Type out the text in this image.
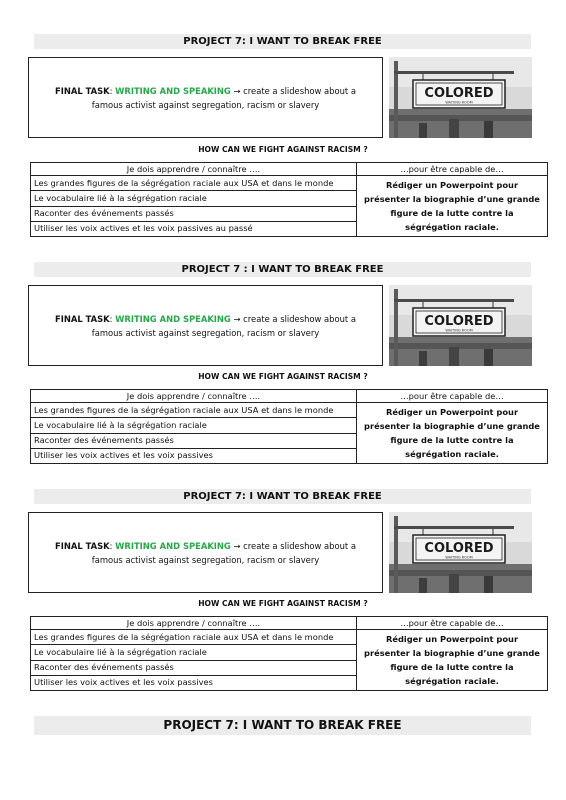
PROJECT 7: I WANT TO BREAK FREE
FINAL TASK: WRITING AND SPEAKING → create a slideshow about a famous activist against segregation, racism or slavery
COLORED
WAITING ROOM
HOW CAN WE FIGHT AGAINST RACISM ?
Je dois apprendre / connaître ….	…pour être capable de…
Les grandes figures de la ségrégation raciale aux USA et dans le monde	Rédiger un Powerpoint pour présenter la biographie d’une grande figure de la lutte contre la ségrégation raciale.
Le vocabulaire lié à la ségrégation raciale	
Raconter des événements passés	
Utiliser les voix actives et les voix passives au passé	
PROJECT 7 : I WANT TO BREAK FREE
FINAL TASK: WRITING AND SPEAKING → create a slideshow about a famous activist against segregation, racism or slavery
COLORED
WAITING ROOM
HOW CAN WE FIGHT AGAINST RACISM ?
Je dois apprendre / connaître ….	…pour être capable de…
Les grandes figures de la ségrégation raciale aux USA et dans le monde	Rédiger un Powerpoint pour présenter la biographie d’une grande figure de la lutte contre la ségrégation raciale.
Le vocabulaire lié à la ségrégation raciale	
Raconter des événements passés	
Utiliser les voix actives et les voix passives	
PROJECT 7: I WANT TO BREAK FREE
FINAL TASK: WRITING AND SPEAKING → create a slideshow about a famous activist against segregation, racism or slavery
COLORED
WAITING ROOM
HOW CAN WE FIGHT AGAINST RACISM ?
Je dois apprendre / connaître ….	…pour être capable de…
Les grandes figures de la ségrégation raciale aux USA et dans le monde	Rédiger un Powerpoint pour présenter la biographie d’une grande figure de la lutte contre la ségrégation raciale.
Le vocabulaire lié à la ségrégation raciale	
Raconter des événements passés	
Utiliser les voix actives et les voix passives	
PROJECT 7: I WANT TO BREAK FREE
